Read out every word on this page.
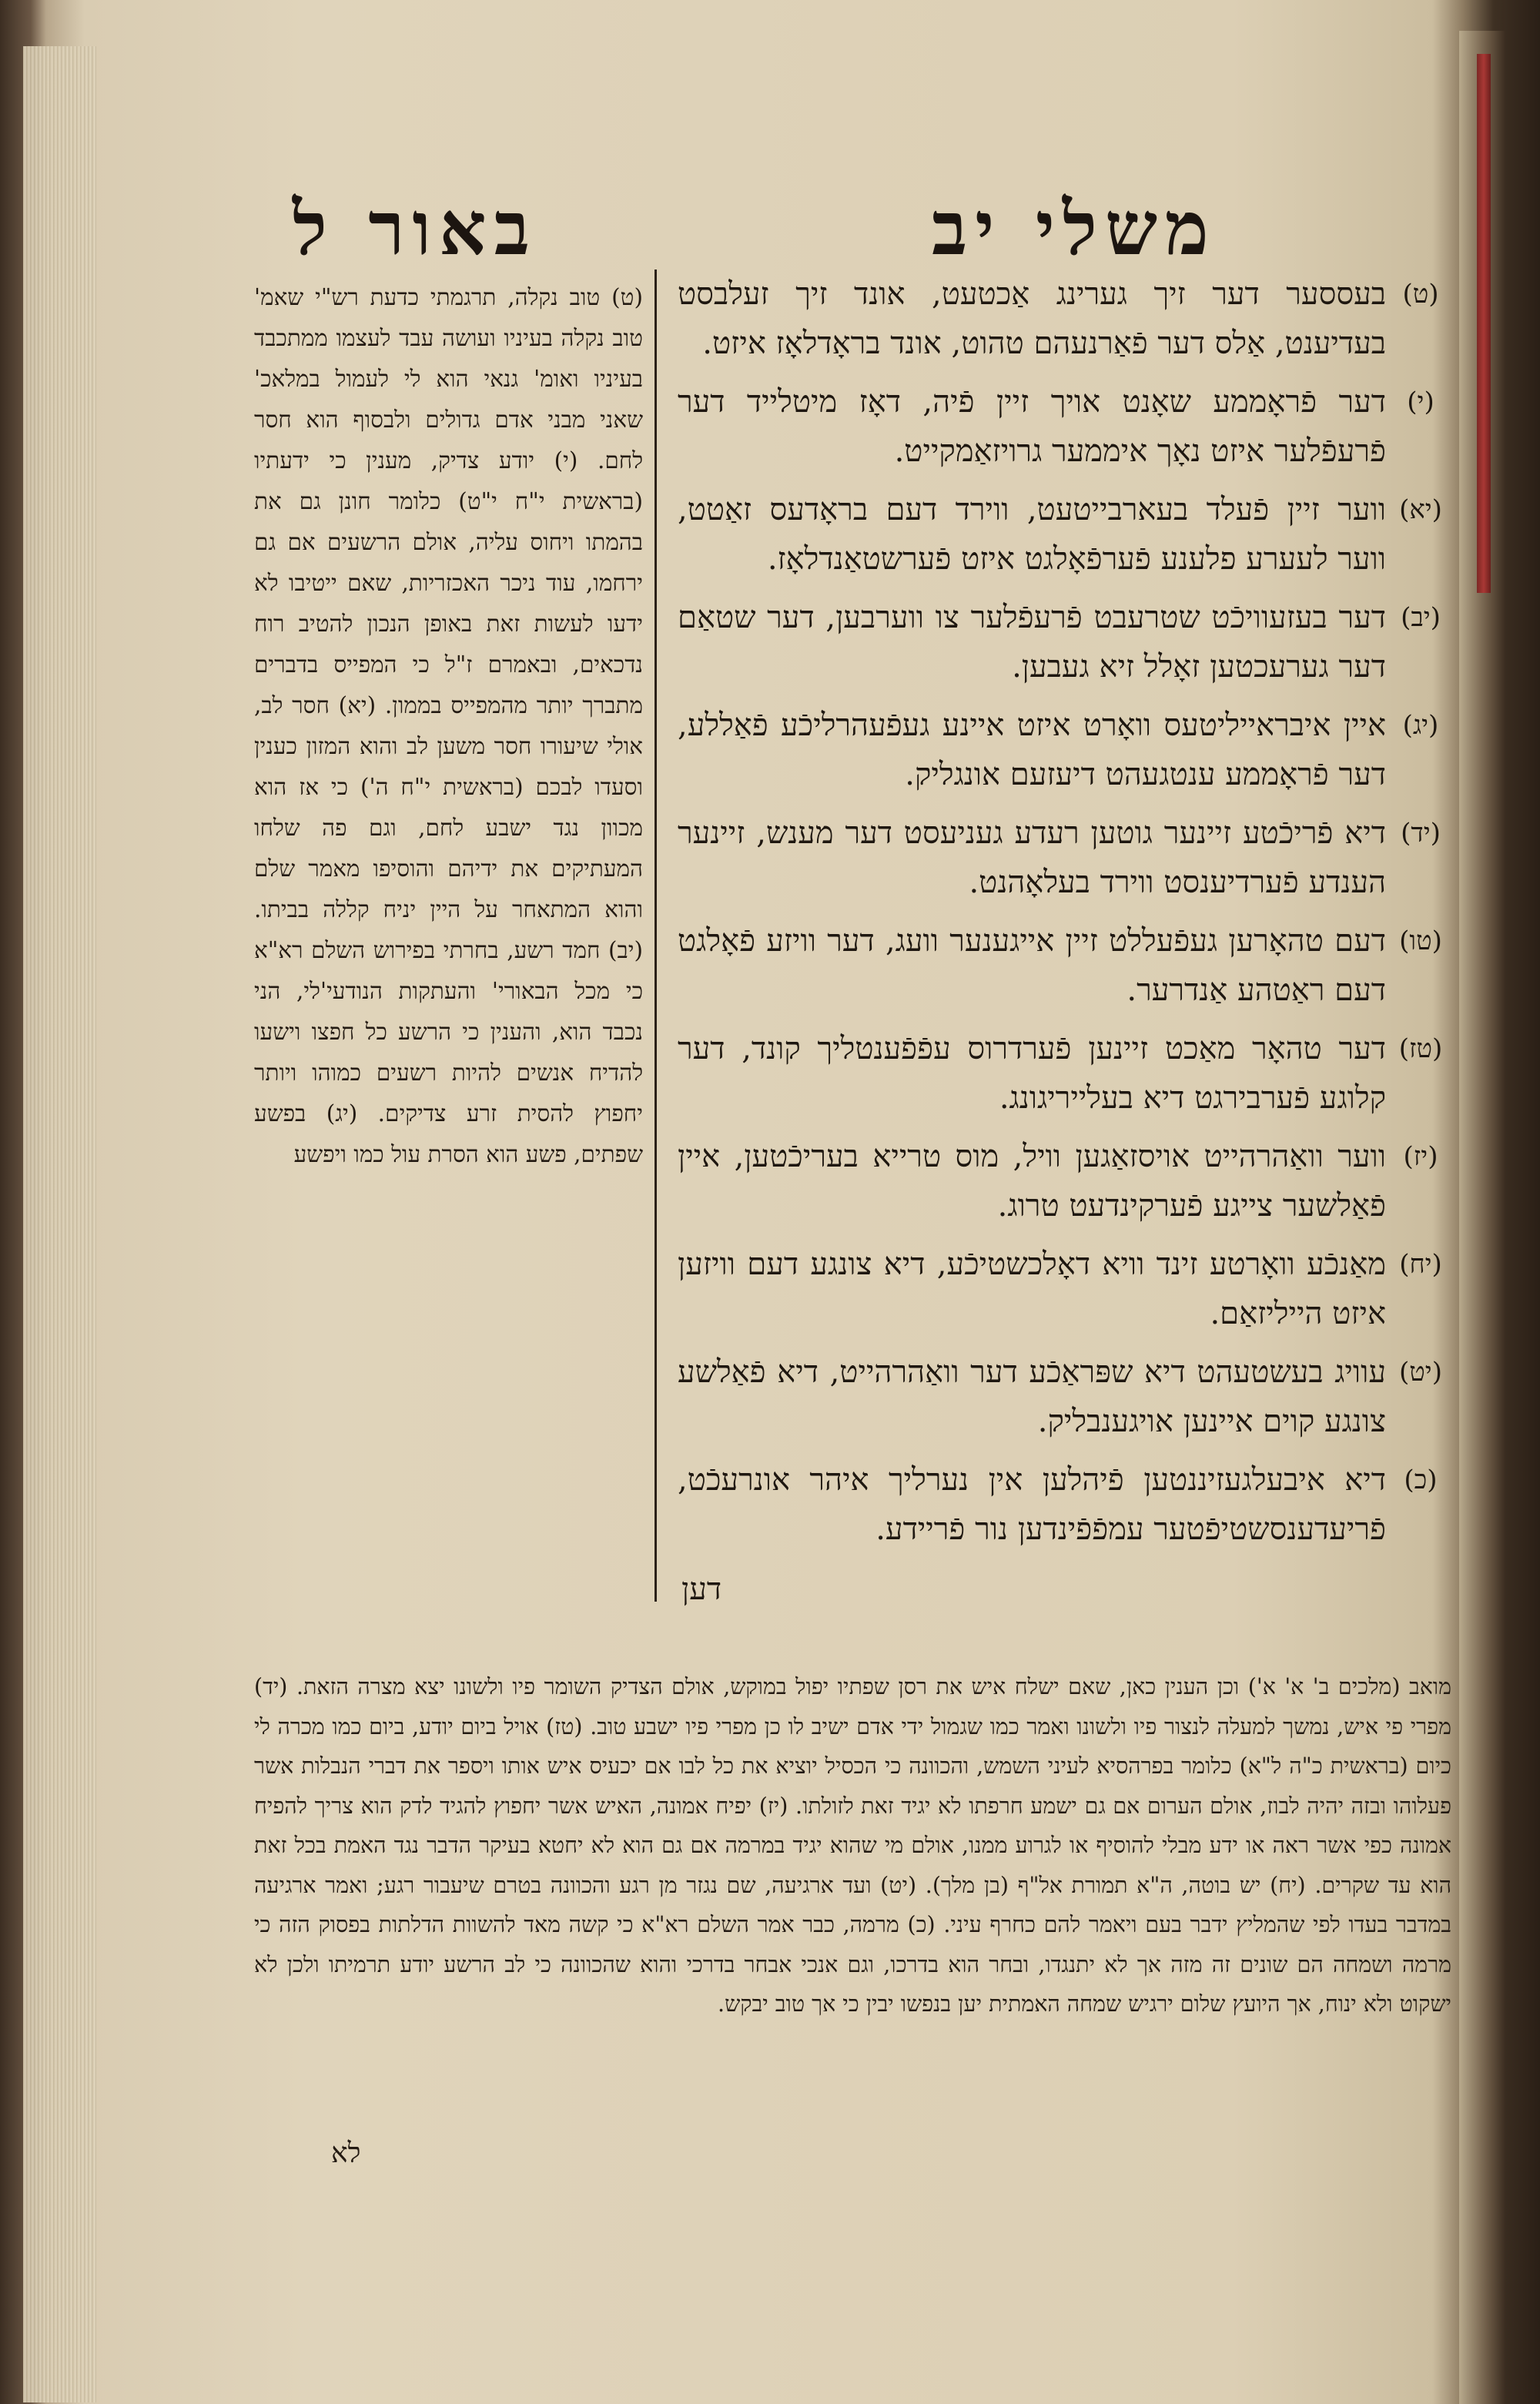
באור ל	משלי יב
(ט)
בעססער דער זיך גערינג אַכטעט, אונד זיך זעלבסט בעדיענט, אַלס דער פֿאַרנעהם טהוט, אונד בראָדלאָז איזט.
(י)
דער פֿראָממע שאָנט אויך זיין פֿיה, דאָז מיטלייד דער פֿרעפֿלער איזט נאָך איממער גרויזאַמקייט.
(יא)
ווער זיין פֿעלד בעארבייטעט, ווירד דעם בראָדעס זאַטט, ווער לעערע פלענע פֿערפֿאָלגט איזט פֿערשטאַנדלאָז.
(יב)
דער בעזעוויכֿט שטרעבט פֿרעפֿלער צו ווערבען, דער שטאַם דער גערעכטען זאָלל זיא געבען.
(יג)
איין איבראייליטעס וואָרט איזט איינע געפֿעהרליכֿע פֿאַללע, דער פֿראָממע ענטגעהט דיעזעם אונגליק.
(יד)
דיא פֿריכֿטע זיינער גוטען רעדע געניעסט דער מענש, זיינער הענדע פֿערדיענסט ווירד בעלאָהנט.
(טו)
דעם טהאָרען געפֿעללט זיין אייגענער וועג, דער וויזע פֿאָלגט דעם ראַטהע אַנדרער.
(טז)
דער טהאָר מאַכט זיינען פֿערדרוס עפֿפֿענטליך קונד, דער קלוגע פֿערבירגט דיא בעלייריגונג.
(יז)
ווער וואַהרהייט אויסזאַגען וויל, מוס טרייא בעריכֿטען, איין פֿאַלשער צייגע פֿערקינדעט טרוג.
(יח)
מאַנכֿע וואָרטע זינד וויא דאָלכשטיכֿע, דיא צונגע דעם וויזען איזט הייליזאַם.
(יט)
עוויג בעשטעהט דיא שפּראַכֿע דער וואַהרהייט, דיא פֿאַלשע צונגע קוים איינען אויגענבליק.
(כ)
דיא איבעלגעזיננטען פֿיהלען אין נערליך איהר אונרעכֿט, פֿריעדענסשטיפֿטער עמפֿפֿינדען נור פֿריידע.
דען
(ט) טוב נקלה, תרגמתי כדעת רש"י שאמ' טוב נקלה בעיניו ועושה עבד לעצמו ממתכבד בעיניו ואומ' גנאי הוא לי לעמול במלאכ' שאני מבני אדם גדולים ולבסוף הוא חסר לחם. (י) יודע צדיק, מענין כי ידעתיו (בראשית י"ח י"ט) כלומר חונן גם את בהמתו ויחוס עליה, אולם הרשעים אם גם ירחמו, עוד ניכר האכזריות, שאם ייטיבו לא ידעו לעשות זאת באופן הנכון להטיב רוח נדכאים, ובאמרם ז"ל כי המפייס בדברים מתברך יותר מהמפייס בממון. (יא) חסר לב, אולי שיעורו חסר משען לב והוא המזון כענין וסעדו לבכם (בראשית י"ח ה') כי אז הוא מכוון נגד ישבע לחם, וגם פה שלחו המעתיקים את ידיהם והוסיפו מאמר שלם והוא המתאחר על היין יניח קללה בביתו. (יב) חמד רשע, בחרתי בפירוש השלם רא"א כי מכל הבאורי' והעתקות הנודעי'לי, הני נכבד הוא, והענין כי הרשע כל חפצו וישעו להדיח אנשים להיות רשעים כמוהו ויותר יחפוץ להסית זרע צדיקים. (יג) בפשע שפתים, פשע הוא הסרת עול כמו ויפשע
מואב (מלכים ב' א' א') וכן הענין כאן, שאם ישלח איש את רסן שפתיו יפול במוקש, אולם הצדיק השומר פיו ולשונו יצא מצרה הזאת. (יד) מפרי פי איש, נמשך למעלה לנצור פיו ולשונו ואמר כמו שגמול ידי אדם ישיב לו כן מפרי פיו ישבע טוב. (טז) אויל ביום יודע, ביום כמו מכרה לי כיום (בראשית כ"ה ל"א) כלומר בפרהסיא לעיני השמש, והכוונה כי הכסיל יוציא את כל לבו אם יכעיס איש אותו ויספר את דברי הנבלות אשר פעלוהו ובזה יהיה לבוז, אולם הערום אם גם ישמע חרפתו לא יגיד זאת לזולתו. (יז) יפיח אמונה, האיש אשר יחפוץ להגיד לדק הוא צריך להפיח אמונה כפי אשר ראה או ידע מבלי להוסיף או לגרוע ממנו, אולם מי שהוא יגיד במרמה אם גם הוא לא יחטא בעיקר הדבר נגד האמת בכל זאת הוא עד שקרים. (יח) יש בוטה, ה"א תמורת אל"ף (בן מלך). (יט) ועד ארגיעה, שם נגזר מן רגע והכוונה בטרם שיעבור רגע; ואמר ארגיעה במדבר בעדו לפי שהמליץ ידבר בעם ויאמר להם כחרף עיני. (כ) מרמה, כבר אמר השלם רא"א כי קשה מאד להשוות הדלתות בפסוק הזה כי מרמה ושמחה הם שונים זה מזה אך לא יתנגדו, ובחר הוא בדרכו, וגם אנכי אבחר בדרכי והוא שהכוונה כי לב הרשע יודע תרמיתו ולכן לא ישקוט ולא ינוח, אך היועץ שלום ירגיש שמחה האמתית יען בנפשו יבין כי אך טוב יבקש.
לא
